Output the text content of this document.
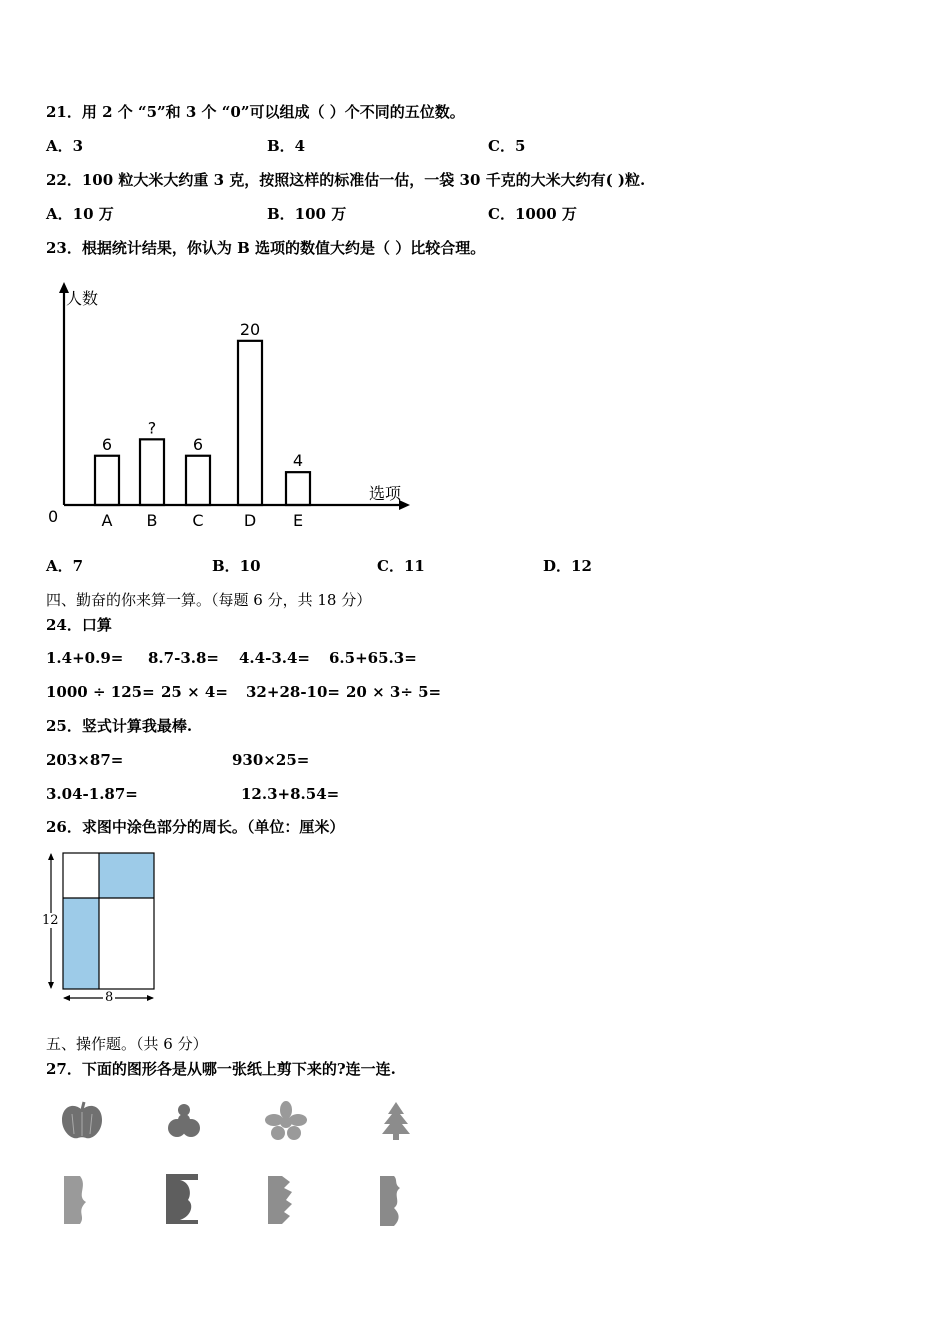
21．用 2 个 “5”和 3 个 “0”可以组成（ ）个不同的五位数。
A．3	B．4	C．5
22．100 粒大米大约重 3 克，按照这样的标准估一估，一袋 30 千克的大米大约有( )粒.
A．10 万	B．100 万	C．1000 万
23．根据统计结果，你认为 B 选项的数值大约是（ ）比较合理。
人数
选项
0
6
A
?
B
6
C
20
D
4
E
A．7	B．10	C．11	D．12
四、勤奋的你来算一算。（每题 6 分，共 18 分）
24．口算
1.4+0.9= 8.7-3.8= 4.4-3.4= 6.5+65.3=
1000 ÷ 125= 25 × 4= 32+28-10= 20 × 3÷ 5=
25．竖式计算我最棒.
203×87=	930×25=
3.04-1.87=	12.3+8.54=
26．求图中涂色部分的周长。（单位：厘米）
12
8
五、操作题。（共 6 分）
27．下面的图形各是从哪一张纸上剪下来的?连一连.
